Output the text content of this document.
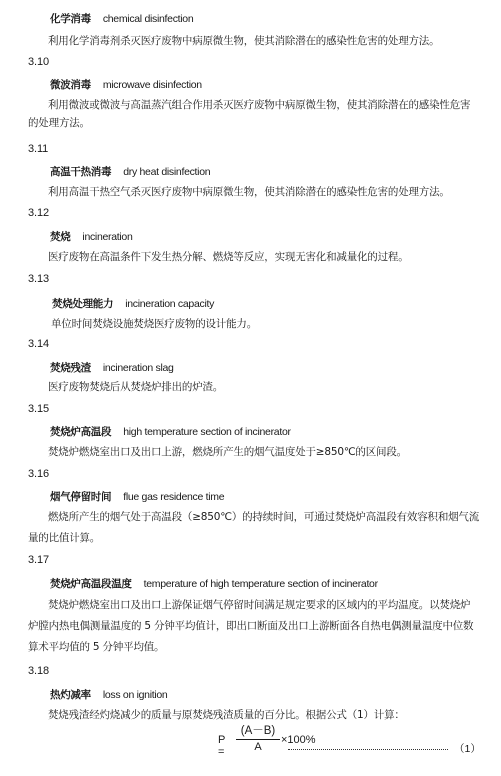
化学消毒 chemical disinfection
利用化学消毒剂杀灭医疗废物中病原微生物，使其消除潜在的感染性危害的处理方法。
3.10
微波消毒 microwave disinfection
利用微波或微波与高温蒸汽组合作用杀灭医疗废物中病原微生物，使其消除潜在的感染性危害
的处理方法。
3.11
高温干热消毒 dry heat disinfection
利用高温干热空气杀灭医疗废物中病原微生物，使其消除潜在的感染性危害的处理方法。
3.12
焚烧 incineration
医疗废物在高温条件下发生热分解、燃烧等反应，实现无害化和减量化的过程。
3.13
焚烧处理能力 incineration capacity
单位时间焚烧设施焚烧医疗废物的设计能力。
3.14
焚烧残渣 incineration slag
医疗废物焚烧后从焚烧炉排出的炉渣。
3.15
焚烧炉高温段 high temperature section of incinerator
焚烧炉燃烧室出口及出口上游，燃烧所产生的烟气温度处于≥850℃的区间段。
3.16
烟气停留时间 flue gas residence time
燃烧所产生的烟气处于高温段（≥850℃）的持续时间，可通过焚烧炉高温段有效容积和烟气流
量的比值计算。
3.17
焚烧炉高温段温度 temperature of high temperature section of incinerator
焚烧炉燃烧室出口及出口上游保证烟气停留时间满足规定要求的区域内的平均温度。以焚烧炉
炉膛内热电偶测量温度的 5 分钟平均值计，即出口断面及出口上游断面各自热电偶测量温度中位数
算术平均值的 5 分钟平均值。
3.18
热灼减率 loss on ignition
焚烧残渣经灼烧减少的质量与原焚烧残渣质量的百分比。根据公式（1）计算：
P =
(A－B)
A
×100%
（1）
